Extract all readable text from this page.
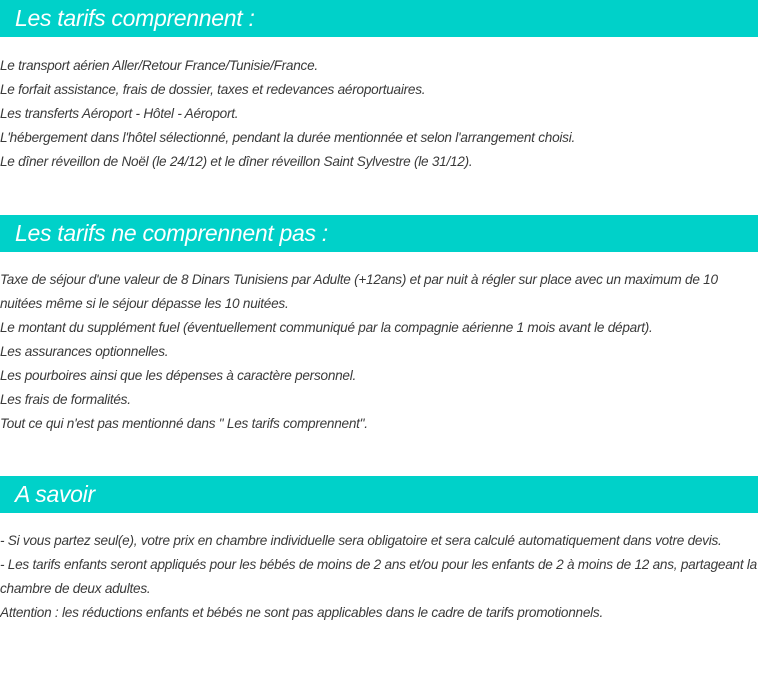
Les tarifs comprennent :

Le transport aérien Aller/Retour France/Tunisie/France.

Le forfait assistance, frais de dossier, taxes et redevances aéroportuaires.

Les transferts Aéroport - Hôtel - Aéroport.

L'hébergement dans l'hôtel sélectionné, pendant la durée mentionnée et selon l'arrangement choisi.

Le dîner réveillon de Noël (le 24/12) et le dîner réveillon Saint Sylvestre (le 31/12).

Les tarifs ne comprennent pas :

Taxe de séjour d'une valeur de 8 Dinars Tunisiens par Adulte (+12ans) et par nuit à régler sur place avec un maximum de 10 nuitées même si le séjour dépasse les 10 nuitées.

Le montant du supplément fuel (éventuellement communiqué par la compagnie aérienne 1 mois avant le départ).

Les assurances optionnelles.

Les pourboires ainsi que les dépenses à caractère personnel.

Les frais de formalités.

Tout ce qui n'est pas mentionné dans " Les tarifs comprennent".

A savoir

- Si vous partez seul(e), votre prix en chambre individuelle sera obligatoire et sera calculé automatiquement dans votre devis.

- Les tarifs enfants seront appliqués pour les bébés de moins de 2 ans et/ou pour les enfants de 2 à moins de 12 ans, partageant la chambre de deux adultes.

Attention : les réductions enfants et bébés ne sont pas applicables dans le cadre de tarifs promotionnels.
